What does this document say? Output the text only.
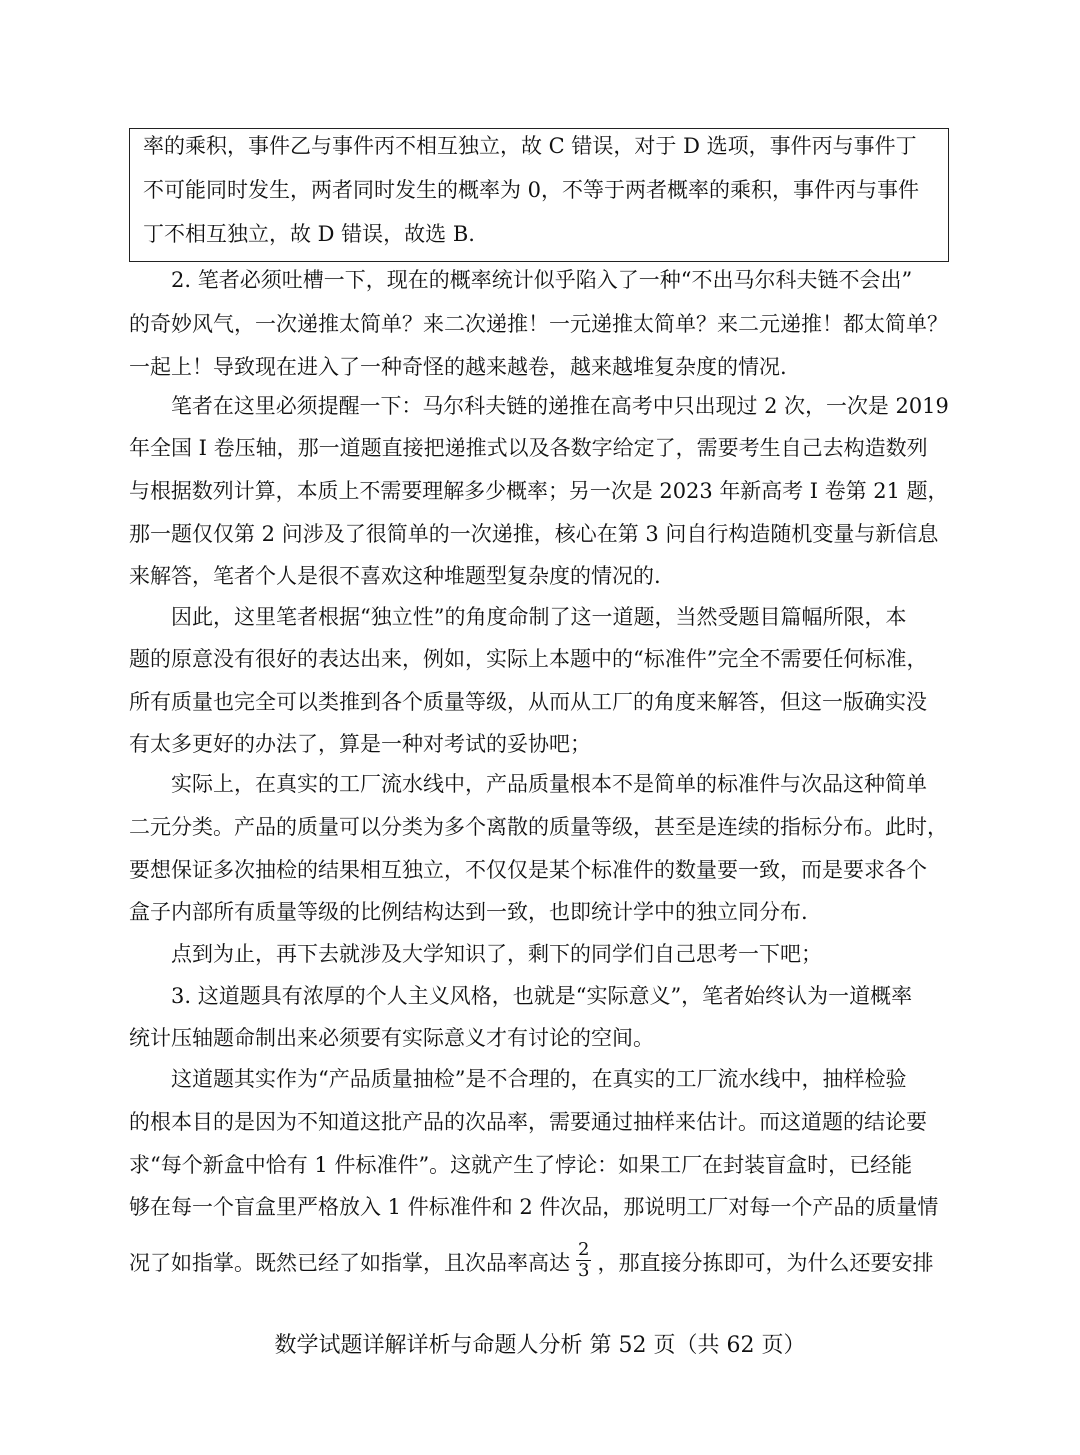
率的乘积，事件乙与事件丙不相互独立，故 C 错误，对于 D 选项，事件丙与事件丁
不可能同时发生，两者同时发生的概率为 0，不等于两者概率的乘积，事件丙与事件
丁不相互独立，故 D 错误，故选 B.
2. 笔者必须吐槽一下，现在的概率统计似乎陷入了一种“不出马尔科夫链不会出”
的奇妙风气，一次递推太简单？来二次递推！一元递推太简单？来二元递推！都太简单？
一起上！导致现在进入了一种奇怪的越来越卷，越来越堆复杂度的情况.
笔者在这里必须提醒一下：马尔科夫链的递推在高考中只出现过 2 次，一次是 2019
年全国 I 卷压轴，那一道题直接把递推式以及各数字给定了，需要考生自己去构造数列
与根据数列计算，本质上不需要理解多少概率；另一次是 2023 年新高考 I 卷第 21 题，
那一题仅仅第 2 问涉及了很简单的一次递推，核心在第 3 问自行构造随机变量与新信息
来解答，笔者个人是很不喜欢这种堆题型复杂度的情况的.
因此，这里笔者根据“独立性”的角度命制了这一道题，当然受题目篇幅所限，本
题的原意没有很好的表达出来，例如，实际上本题中的“标准件”完全不需要任何标准，
所有质量也完全可以类推到各个质量等级，从而从工厂的角度来解答，但这一版确实没
有太多更好的办法了，算是一种对考试的妥协吧；
实际上，在真实的工厂流水线中，产品质量根本不是简单的标准件与次品这种简单
二元分类。产品的质量可以分类为多个离散的质量等级，甚至是连续的指标分布。此时，
要想保证多次抽检的结果相互独立，不仅仅是某个标准件的数量要一致，而是要求各个
盒子内部所有质量等级的比例结构达到一致，也即统计学中的独立同分布.
点到为止，再下去就涉及大学知识了，剩下的同学们自己思考一下吧；
3. 这道题具有浓厚的个人主义风格，也就是“实际意义”，笔者始终认为一道概率
统计压轴题命制出来必须要有实际意义才有讨论的空间。
这道题其实作为“产品质量抽检”是不合理的，在真实的工厂流水线中，抽样检验
的根本目的是因为不知道这批产品的次品率，需要通过抽样来估计。而这道题的结论要
求“每个新盒中恰有 1 件标准件”。这就产生了悖论：如果工厂在封装盲盒时，已经能
够在每一个盲盒里严格放入 1 件标准件和 2 件次品，那说明工厂对每一个产品的质量情
况了如指掌。既然已经了如指掌，且次品率高达 $\frac{2}{3}$ ，那直接分拣即可，为什么还要安排
数学试题详解详析与命题人分析 第 52 页（共 62 页）
